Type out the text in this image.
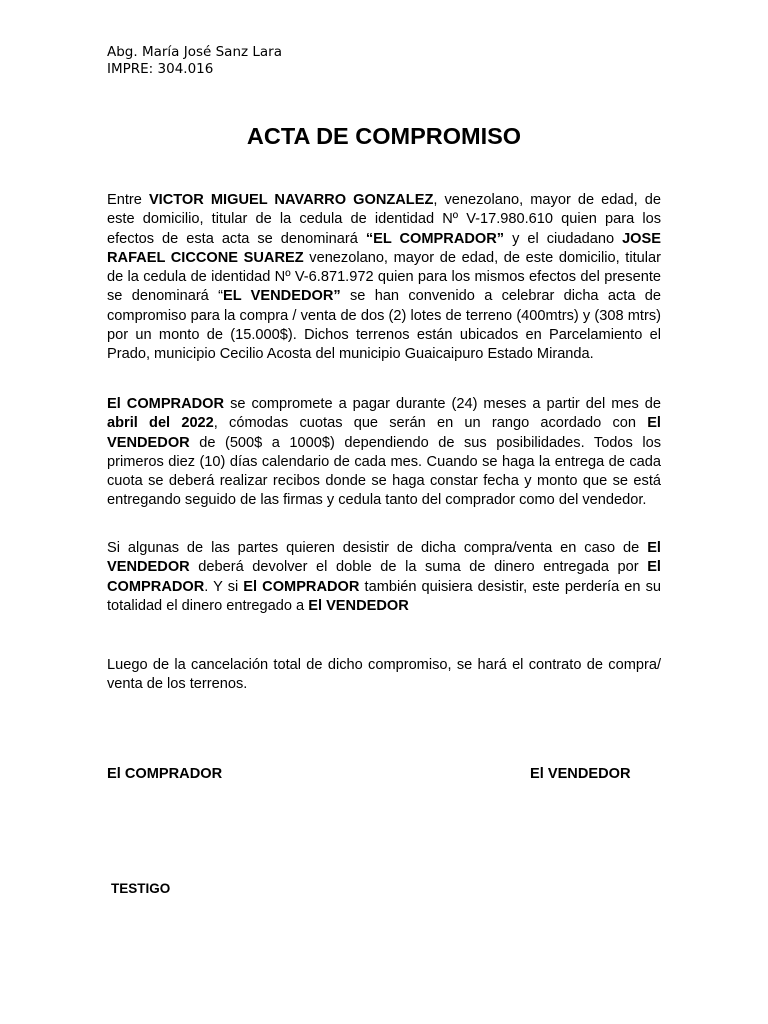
Abg. María José Sanz Lara
IMPRE: 304.016
ACTA DE COMPROMISO
Entre VICTOR MIGUEL NAVARRO GONZALEZ, venezolano, mayor de edad, de este domicilio, titular de la cedula de identidad Nº V-17.980.610 quien para los efectos de esta acta se denominará “EL COMPRADOR” y el ciudadano JOSE RAFAEL CICCONE SUAREZ venezolano, mayor de edad, de este domicilio, titular de la cedula de identidad Nº V-6.871.972 quien para los mismos efectos del presente se denominará “EL VENDEDOR” se han convenido a celebrar dicha acta de compromiso para la compra / venta de dos (2) lotes de terreno (400mtrs) y (308 mtrs) por un monto de (15.000$). Dichos terrenos están ubicados en Parcelamiento el Prado, municipio Cecilio Acosta del municipio Guaicaipuro Estado Miranda.
El COMPRADOR se compromete a pagar durante (24) meses a partir del mes de abril del 2022, cómodas cuotas que serán en un rango acordado con El VENDEDOR de (500$ a 1000$) dependiendo de sus posibilidades. Todos los primeros diez (10) días calendario de cada mes. Cuando se haga la entrega de cada cuota se deberá realizar recibos donde se haga constar fecha y monto que se está entregando seguido de las firmas y cedula tanto del comprador como del vendedor.
Si algunas de las partes quieren desistir de dicha compra/venta en caso de El VENDEDOR deberá devolver el doble de la suma de dinero entregada por El COMPRADOR. Y si El COMPRADOR también quisiera desistir, este perdería en su totalidad el dinero entregado a El VENDEDOR
Luego de la cancelación total de dicho compromiso, se hará el contrato de compra/ venta de los terrenos.
El COMPRADOR	El VENDEDOR
TESTIGO
